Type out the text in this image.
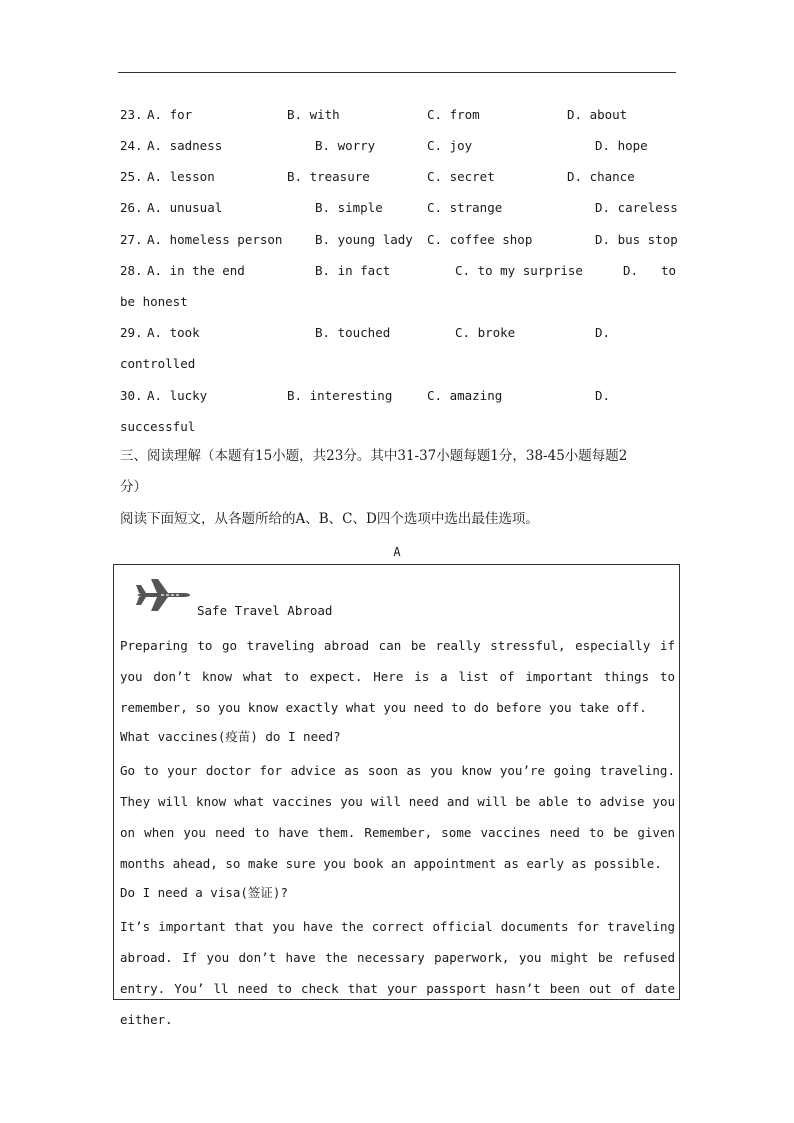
23. A. for	B. with	C. from	D. about
24. A. sadness	B. worry	C. joy	D. hope
25. A. lesson	B. treasure	C. secret	D. chance
26. A. unusual	B. simple	C. strange	D. careless
27. A. homeless person	B. young lady C. coffee shop	D. bus stop
28. A. in the end	B. in fact	C. to my surprise	D. to
be honest
29. A. took	B. touched	C. broke	D.
controlled
30. A. lucky	B. interesting	C. amazing	D.
successful
三、阅读理解（本题有15小题，共23分。其中31-37小题每题1分，38-45小题每题2
分）
阅读下面短文，从各题所给的A、B、C、D四个选项中选出最佳选项。
A
Safe Travel Abroad
Preparing to go traveling abroad can be really stressful, especially if you don’t know what to expect. Here is a list of important things to remember, so you know exactly what you need to do before you take off.
What vaccines(疫苗) do I need?
Go to your doctor for advice as soon as you know you’re going traveling. They will know what vaccines you will need and will be able to advise you on when you need to have them. Remember, some vaccines need to be given months ahead, so make sure you book an appointment as early as possible.
Do I need a visa(签证)?
It’s important that you have the correct official documents for traveling abroad. If you don’t have the necessary paperwork, you might be refused entry. You’ ll need to check that your passport hasn’t been out of date either.
